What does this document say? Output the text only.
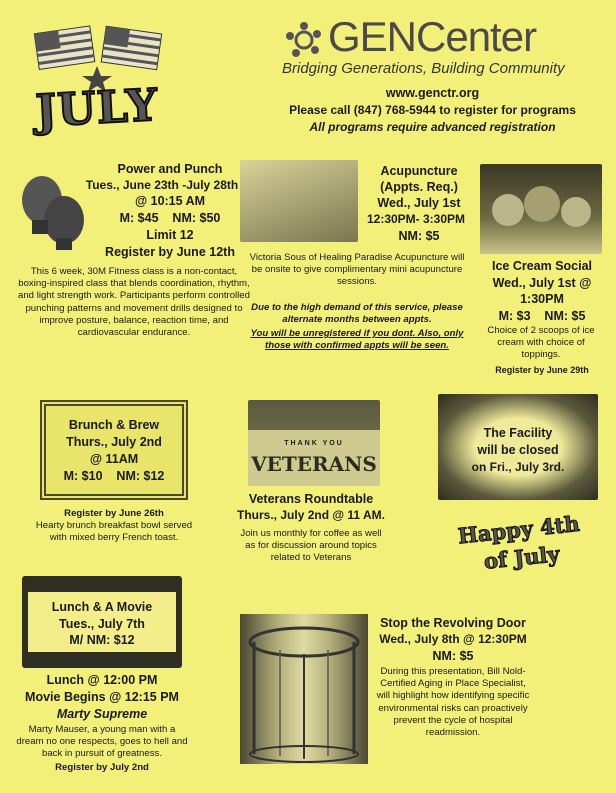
JULY
GENCenter
Bridging Generations, Building Community
www.genctr.org
Please call (847) 768-5944 to register for programs
All programs require advanced registration
Power and Punch
Tues., June 23th -July 28th
@ 10:15 AM
M: $45    NM: $50
Limit 12
Register by June 12th
This 6 week, 30M Fitness class is a non-contact, boxing-inspired class that blends coordination, rhythm, and light strength work. Participants perform controlled punching patterns and movement drills designed to improve posture, balance, reaction time, and cardiovascular endurance.
Acupuncture
(Appts. Req.)
Wed., July 1st
12:30PM- 3:30PM
NM: $5
Victoria Sous of Healing Paradise Acupuncture will be onsite to give complimentary mini acupuncture sessions.
Due to the high demand of this service, please alternate months between appts.
You will be unregistered if you dont. Also, only those with confirmed appts will be seen.
Ice Cream Social
Wed., July 1st @
1:30PM
M: $3    NM: $5
Choice of 2 scoops of ice cream with choice of toppings.
Register by June 29th
Brunch & Brew
Thurs., July 2nd
@ 11AM
M: $10    NM: $12
Register by June 26th
Hearty brunch breakfast bowl served with mixed berry French toast.
THANK YOU
VETERANS
Veterans Roundtable
Thurs., July 2nd @ 11 AM.
Join us monthly for coffee as well as for discussion around topics related to Veterans
The Facility
will be closed
on Fri., July 3rd.
Happy 4th of July
Lunch & A Movie
Tues., July 7th
M/ NM: $12
Lunch @ 12:00 PM
Movie Begins @ 12:15 PM
Marty Supreme
Marty Mauser, a young man with a dream no one respects, goes to hell and back in pursuit of greatness.
Register by July 2nd
Stop the Revolving Door
Wed., July 8th @ 12:30PM
NM: $5
During this presentation, Bill Nold-Certified Aging in Place Specialist, will highlight how identifying specific environmental risks can proactively prevent the cycle of hospital readmission.
